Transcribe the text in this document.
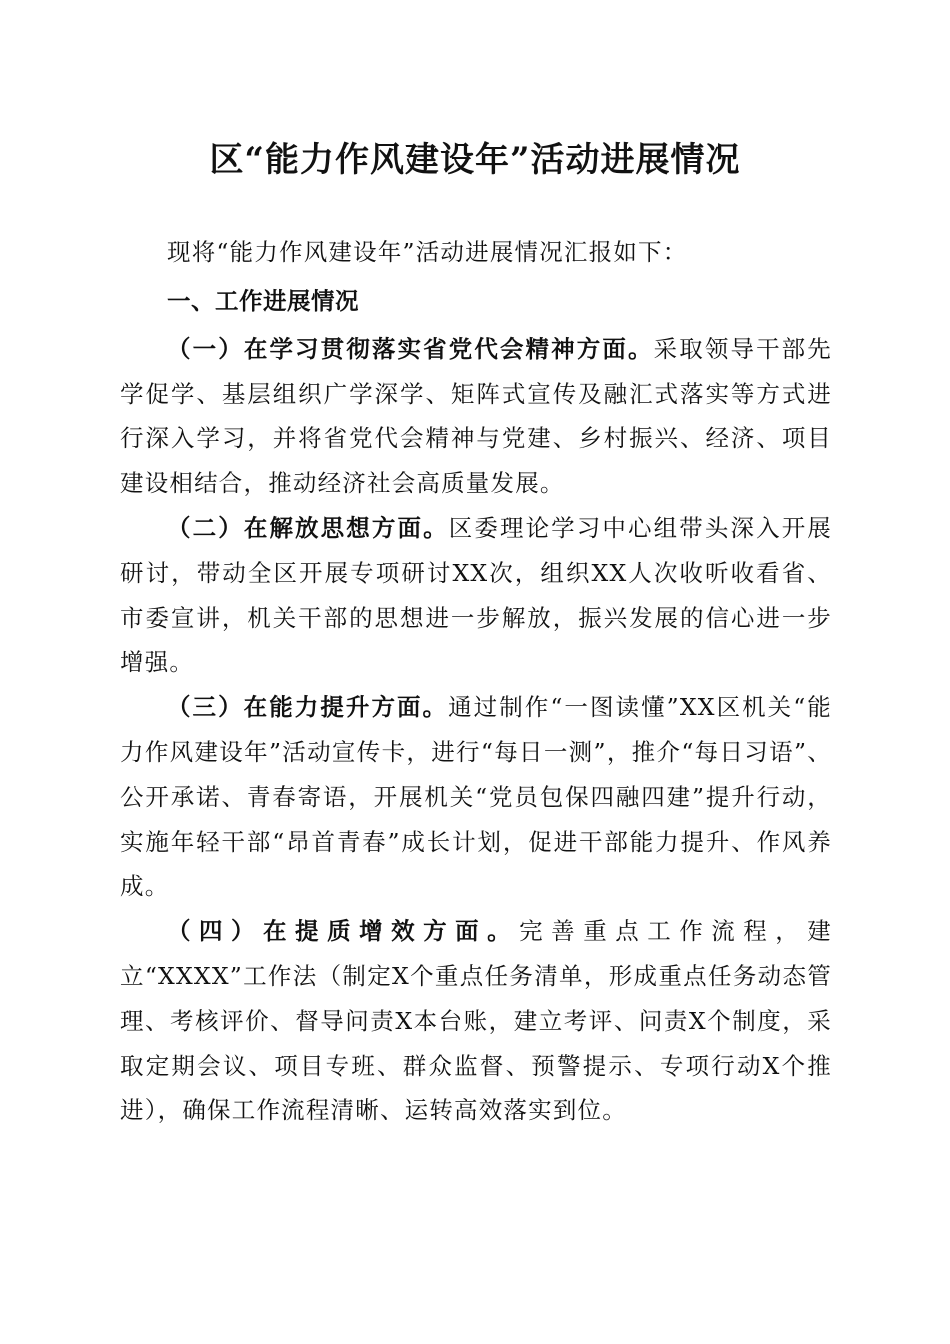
区“能力作风建设年”活动进展情况

现将“能力作风建设年”活动进展情况汇报如下：

一、工作进展情况

（一）在学习贯彻落实省党代会精神方面。采取领导干部先学促学、基层组织广学深学、矩阵式宣传及融汇式落实等方式进行深入学习，并将省党代会精神与党建、乡村振兴、经济、项目建设相结合，推动经济社会高质量发展。

（二）在解放思想方面。区委理论学习中心组带头深入开展研讨，带动全区开展专项研讨XX次，组织XX人次收听收看省、市委宣讲，机关干部的思想进一步解放，振兴发展的信心进一步增强。

（三）在能力提升方面。通过制作“一图读懂”XX区机关“能力作风建设年”活动宣传卡，进行“每日一测”，推介“每日习语”、公开承诺、青春寄语，开展机关“党员包保四融四建”提升行动，实施年轻干部“昂首青春”成长计划，促进干部能力提升、作风养成。

（四）在提质增效方面。完善重点工作流程，建立“XXXX”工作法（制定X个重点任务清单，形成重点任务动态管理、考核评价、督导问责X本台账，建立考评、问责X个制度，采取定期会议、项目专班、群众监督、预警提示、专项行动X个推进），确保工作流程清晰、运转高效落实到位。
